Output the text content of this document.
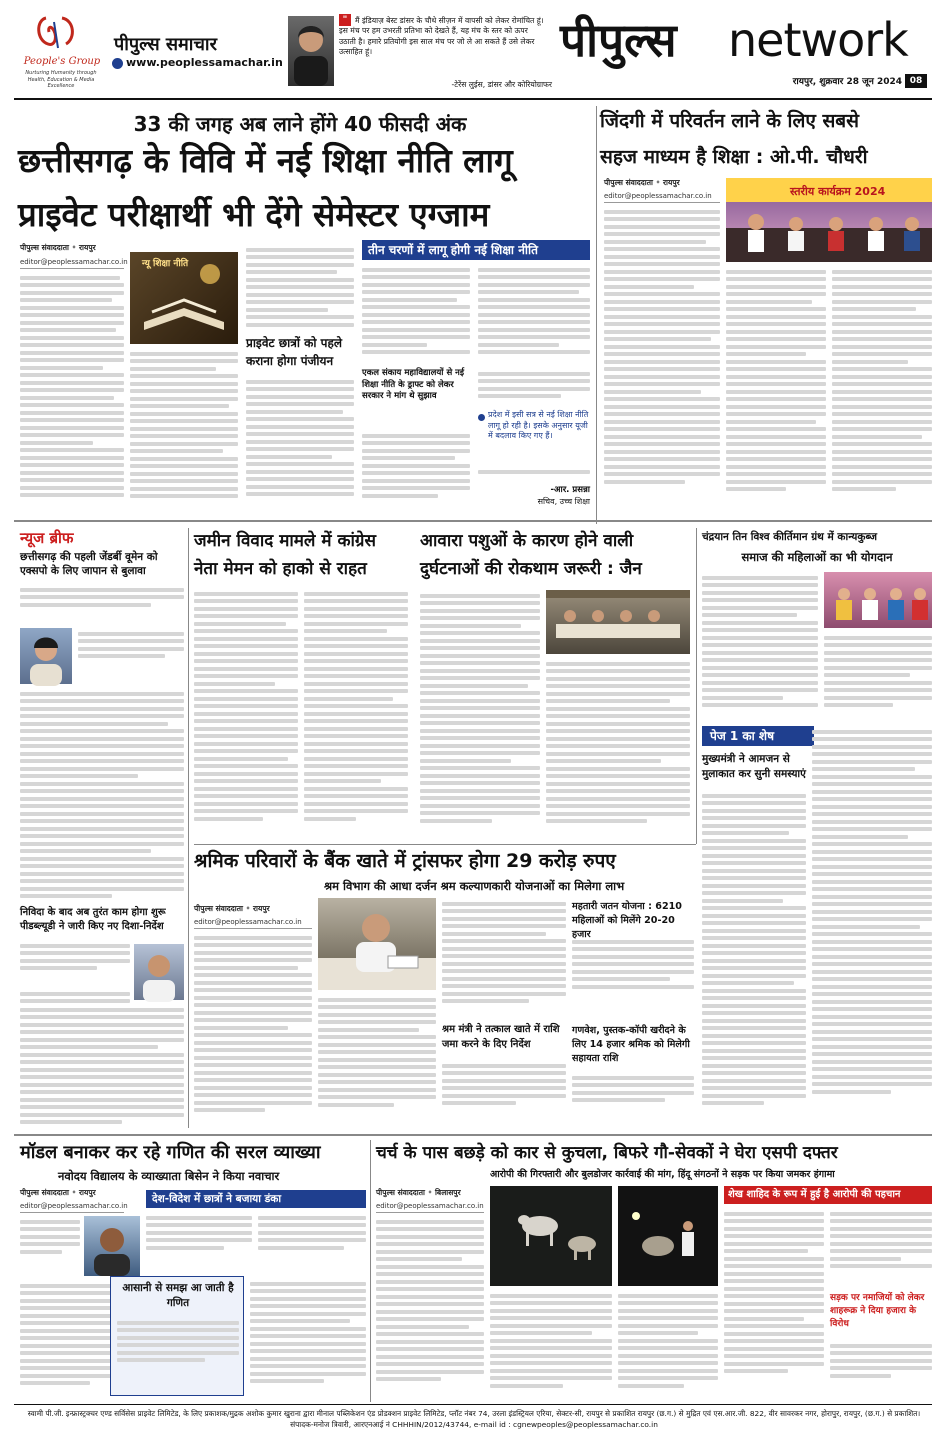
People's Group
Nurturing Humanity through Health, Education & Media Excellence
पीपुल्स समाचार
www.peoplessamachar.in
"	मैं इंडियाज़ बेस्ट डांसर के चौथे सीज़न में वापसी को लेकर रोमांचित हूं। इस मंच पर हम उभरती प्रतिभा को देखते हैं, यह मंच के स्तर को ऊपर उठाती है। हमारे प्रतियोगी इस साल मंच पर जो ले आ सकते हैं उसे लेकर उत्साहित हूं।
-टेरेंस लुईस, डांसर और कोरियोग्राफर
पीपुल्स	network
रायपुर, शुक्रवार 28 जून 2024 08
33 की जगह अब लाने होंगे 40 फीसदी अंक
छत्तीसगढ़ के विवि में नई शिक्षा नीति लागू
प्राइवेट परीक्षार्थी भी देंगे सेमेस्टर एग्जाम
पीपुल्स संवाददाता • रायपुर
editor@peoplessamachar.co.in न्यू शिक्षा नीति
प्राइवेट छात्रों को पहले कराना होगा पंजीयन
तीन चरणों में लागू होगी नई शिक्षा नीति
एकल संकाय महाविद्यालयों से नई शिक्षा नीति के ड्राफ्ट को लेकर सरकार ने मांग थे सुझाव
प्रदेश में इसी सत्र से नई शिक्षा नीति लागू हो रही है। इसके अनुसार यूजी में बदलाव किए गए हैं।
-आर. प्रसन्ना
सचिव, उच्च शिक्षा
जिंदगी में परिवर्तन लाने के लिए सबसे
सहज माध्यम है शिक्षा : ओ.पी. चौधरी
पीपुल्स संवाददाता • रायपुर
editor@peoplessamachar.co.in	स्तरीय कार्यक्रम 2024
न्यूज ब्रीफ
छत्तीसगढ़ की पहली जेंडर्बी वूमेन को एक्सपो के लिए जापान से बुलावा
निविदा के बाद अब तुरंत काम होगा शुरू पीडब्ल्यूडी ने जारी किए नए दिशा-निर्देश
जमीन विवाद मामले में कांग्रेस
नेता मेमन को हाको से राहत
आवारा पशुओं के कारण होने वाली
दुर्घटनाओं की रोकथाम जरूरी : जैन
चंद्रयान तिन विश्व कीर्तिमान ग्रंथ में कान्यकुब्ज
समाज की महिलाओं का भी योगदान
पेज 1 का शेष
मुख्यमंत्री ने आमजन से मुलाकात कर सुनी समस्याएं
श्रमिक परिवारों के बैंक खाते में ट्रांसफर होगा 29 करोड़ रुपए
श्रम विभाग की आधा दर्जन श्रम कल्याणकारी योजनाओं का मिलेगा लाभ
पीपुल्स संवाददाता • रायपुर
editor@peoplessamachar.co.in
श्रम मंत्री ने तत्काल खाते में राशि जमा करने के दिए निर्देश
महतारी जतन योजना : 6210 महिलाओं को मिलेंगे 20-20 हजार
गणवेश, पुस्तक-कॉपी खरीदने के लिए 14 हजार श्रमिक को मिलेगी सहायता राशि
मॉडल बनाकर कर रहे गणित की सरल व्याख्या
नवोदय विद्यालय के व्याख्याता बिसेन ने किया नवाचार
पीपुल्स संवाददाता • रायपुर
editor@peoplessamachar.co.in
देश-विदेश में छात्रों ने बजाया डंका
आसानी से समझ आ जाती है गणित
चर्च के पास बछड़े को कार से कुचला, बिफरे गौ-सेवकों ने घेरा एसपी दफ्तर
आरोपी की गिरफ्तारी और बुलडोजर कार्रवाई की मांग, हिंदू संगठनों ने सड़क पर किया जमकर हंगामा
पीपुल्स संवाददाता • बिलासपुर
editor@peoplessamachar.co.in
शेख शाहिद के रूप में हुई है आरोपी की पहचान
सड़क पर नमाजियों को लेकर शाहरूक्र ने दिया हजारा के विरोध
स्वामी पी.जी. इन्फ्रास्ट्रक्चर एण्ड सर्विसेस प्राइवेट लिमिटेड, के लिए प्रकाशक/मुद्रक अशोक कुमार खुराना द्वारा मीनाल पब्लिकेशन एंड प्रोडक्शन प्राइवेट लिमिटेड, प्लॉट नंबर 74, उरला इंडस्ट्रियल एरिया, सेक्टर-सी, रायपुर से प्रकाशित रायपुर (छ.ग.) से मुद्रित एवं एस.आर.जी. 822, वीर सावरकर नगर, होरापुर, रायपुर, (छ.ग.) से प्रकाशित। संपादक-मनोज त्रिवारी, आरएनआई नं CHHHIN/2012/43744, e-mail id : cgnewpeoples@peoplessamachar.co.in
